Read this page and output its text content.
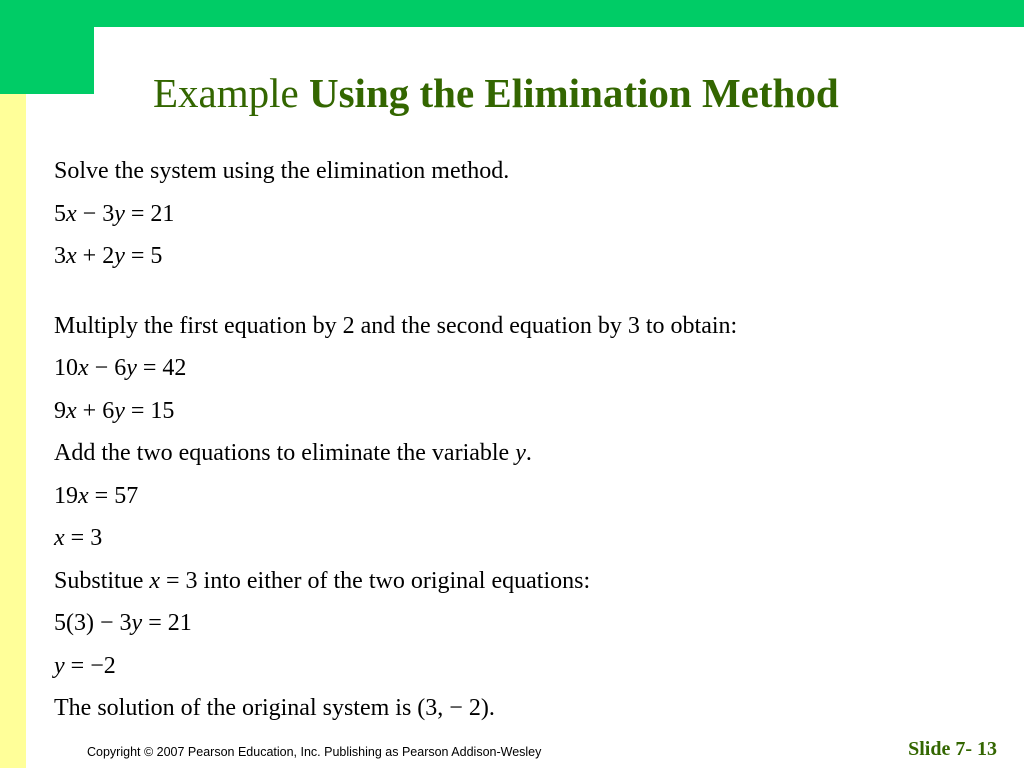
Example Using the Elimination Method
Solve the system using the elimination method.
5x − 3y = 21
3x + 2y = 5
Multiply the first equation by 2 and the second equation by 3 to obtain:
10x − 6y = 42
9x + 6y = 15
Add the two equations to eliminate the variable y.
19x = 57
x = 3
Substitue x = 3 into either of the two original equations:
5(3) − 3y = 21
y = −2
The solution of the original system is (3, − 2).
Copyright © 2007 Pearson Education, Inc. Publishing as Pearson Addison-Wesley	Slide 7- 13
